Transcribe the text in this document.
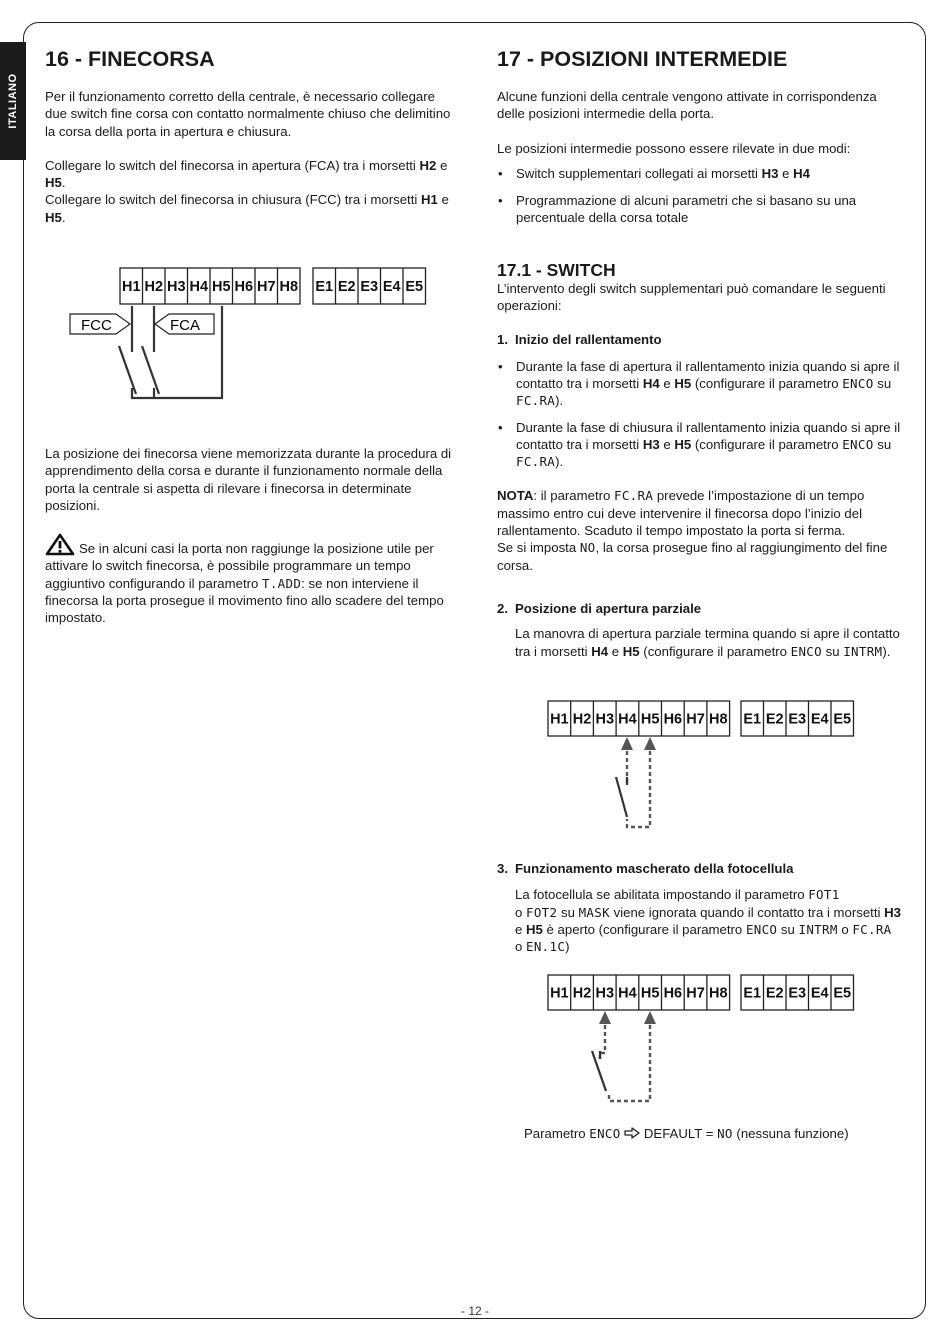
ITALIANO
16 - FINECORSA

Per il funzionamento corretto della centrale, è necessario collegare due switch fine corsa con contatto normalmente chiuso che delimitino la corsa della porta in apertura e chiusura.

Collegare lo switch del finecorsa in apertura (FCA) tra i morsetti H2 e H5.

Collegare lo switch del finecorsa in chiusura (FCC) tra i morsetti H1 e H5.

H1 H2 H3 H4 H5 H6 H7 H8 E1 E2 E3 E4 E5
FCC	FCA

La posizione dei finecorsa viene memorizzata durante la procedura di apprendimento della corsa e durante il funzionamento normale della porta la centrale si aspetta di rilevare i finecorsa in determinate posizioni.

Se in alcuni casi la porta non raggiunge la posizione utile per attivare lo switch finecorsa, è possibile programmare un tempo aggiuntivo configurando il parametro T.ADD: se non interviene il finecorsa la porta prosegue il movimento fino allo scadere del tempo impostato.

17 - POSIZIONI INTERMEDIE

Alcune funzioni della centrale vengono attivate in corrispondenza delle posizioni intermedie della porta.

Le posizioni intermedie possono essere rilevate in due modi:

• Switch supplementari collegati ai morsetti H3 e H4
• Programmazione di alcuni parametri che si basano su una percentuale della corsa totale
17.1 - SWITCH

L’intervento degli switch supplementari può comandare le seguenti operazioni:

1. Inizio del rallentamento

• Durante la fase di apertura il rallentamento inizia quando si apre il contatto tra i morsetti H4 e H5 (configurare il parametro ENCO su FC.RA).
• Durante la fase di chiusura il rallentamento inizia quando si apre il contatto tra i morsetti H3 e H5 (configurare il parametro ENCO su FC.RA).

NOTA: il parametro FC.RA prevede l’impostazione di un tempo massimo entro cui deve intervenire il finecorsa dopo l’inizio del rallentamento. Scaduto il tempo impostato la porta si ferma.
Se si imposta NO, la corsa prosegue fino al raggiungimento del fine corsa.

2. Posizione di apertura parziale

La manovra di apertura parziale termina quando si apre il contatto tra i morsetti H4 e H5 (configurare il parametro ENCO su INTRM).

H1 H2 H3 H4 H5 H6 H7 H8 E1 E2 E3 E4 E5

3. Funzionamento mascherato della fotocellula

La fotocellula se abilitata impostando il parametro FOT1
o FOT2 su MASK viene ignorata quando il contatto tra i morsetti H3 e H5 è aperto (configurare il parametro ENCO su INTRM o FC.RA o EN.1C)

H1 H2 H3 H4 H5 H6 H7 H8 E1 E2 E3 E4 E5
Parametro ENCO DEFAULT = NO (nessuna funzione)
- 12 -
